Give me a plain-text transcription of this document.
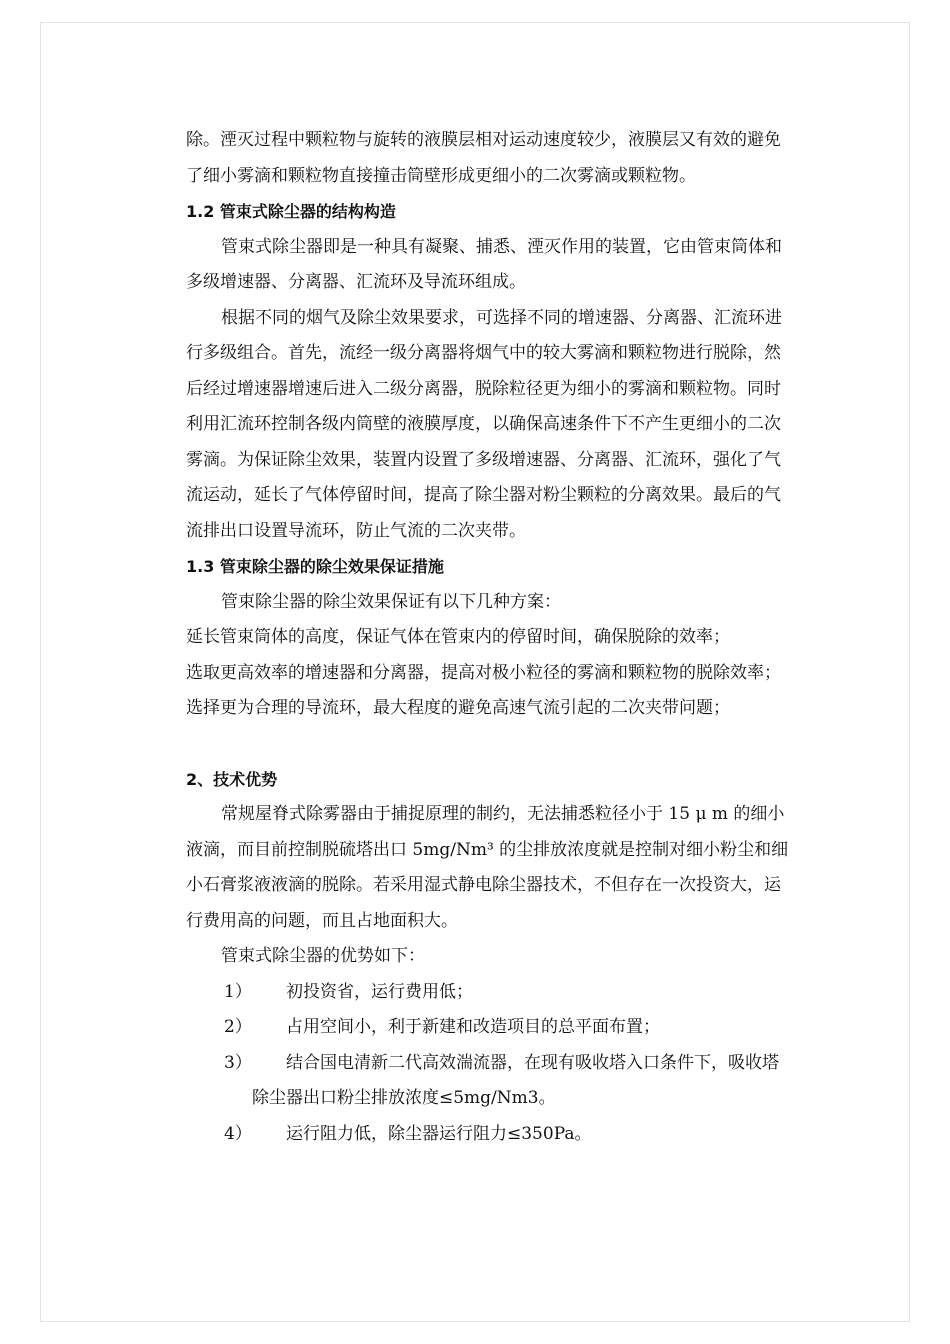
除。湮灭过程中颗粒物与旋转的液膜层相对运动速度较少，液膜层又有效的避免

了细小雾滴和颗粒物直接撞击筒壁形成更细小的二次雾滴或颗粒物。

1.2 管束式除尘器的结构构造

管束式除尘器即是一种具有凝聚、捕悉、湮灭作用的装置，它由管束筒体和

多级增速器、分离器、汇流环及导流环组成。

根据不同的烟气及除尘效果要求，可选择不同的增速器、分离器、汇流环进

行多级组合。首先，流经一级分离器将烟气中的较大雾滴和颗粒物进行脱除，然

后经过增速器增速后进入二级分离器，脱除粒径更为细小的雾滴和颗粒物。同时

利用汇流环控制各级内筒壁的液膜厚度，以确保高速条件下不产生更细小的二次

雾滴。为保证除尘效果，装置内设置了多级增速器、分离器、汇流环，强化了气

流运动，延长了气体停留时间，提高了除尘器对粉尘颗粒的分离效果。最后的气

流排出口设置导流环，防止气流的二次夹带。

1.3 管束除尘器的除尘效果保证措施

管束除尘器的除尘效果保证有以下几种方案：

延长管束筒体的高度，保证气体在管束内的停留时间，确保脱除的效率；

选取更高效率的增速器和分离器，提高对极小粒径的雾滴和颗粒物的脱除效率；

选择更为合理的导流环，最大程度的避免高速气流引起的二次夹带问题；

2、技术优势

常规屋脊式除雾器由于捕捉原理的制约，无法捕悉粒径小于 15 μ m 的细小

液滴，而目前控制脱硫塔出口 5mg/Nm³ 的尘排放浓度就是控制对细小粉尘和细

小石膏浆液液滴的脱除。若采用湿式静电除尘器技术，不但存在一次投资大，运

行费用高的问题，而且占地面积大。

管束式除尘器的优势如下：

1）	初投资省，运行费用低；
2）	占用空间小，利于新建和改造项目的总平面布置；
3）	结合国电清新二代高效湍流器，在现有吸收塔入口条件下，吸收塔
除尘器出口粉尘排放浓度≤5mg/Nm3。
4）	运行阻力低，除尘器运行阻力≤350Pa。
